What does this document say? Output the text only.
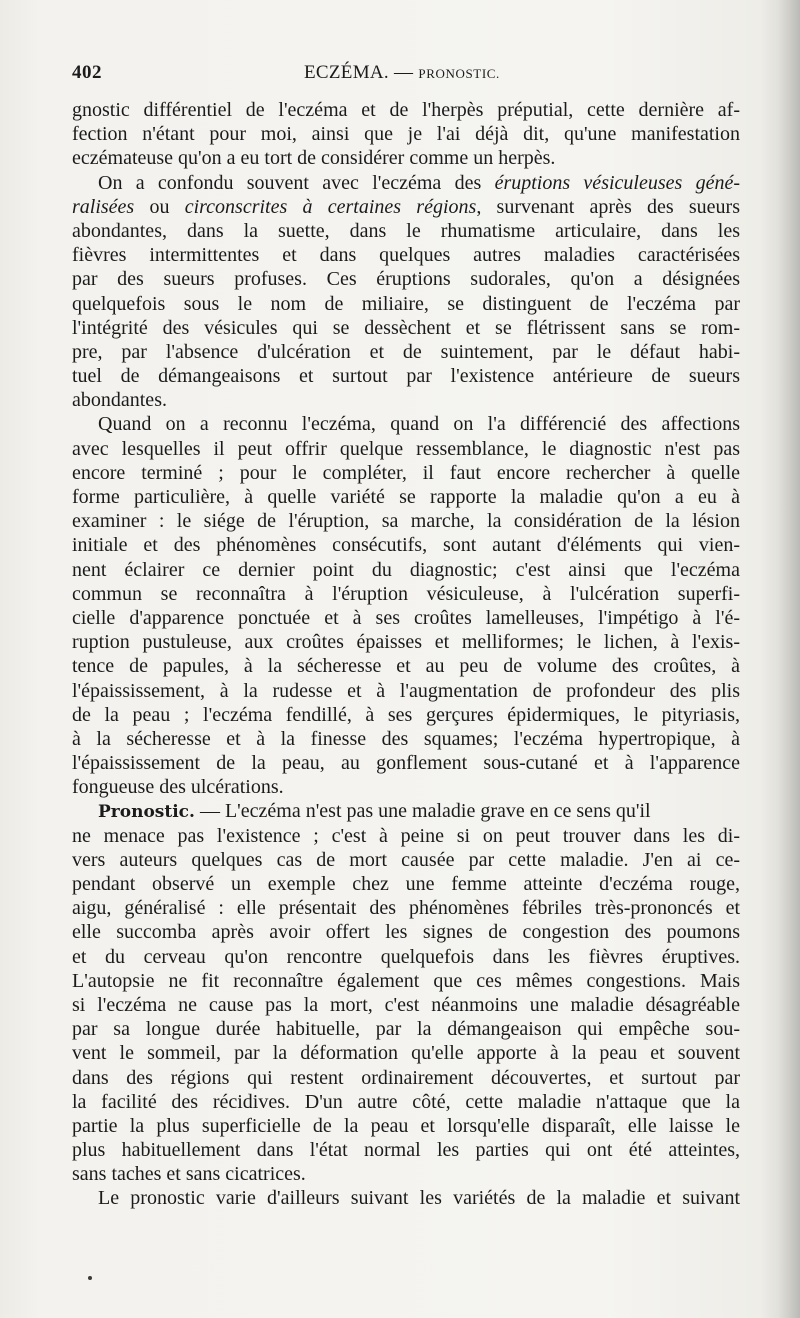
402	ECZÉMA. — PRONOSTIC.
gnostic différentiel de l'eczéma et de l'herpès préputial, cette dernière af-
fection n'étant pour moi, ainsi que je l'ai déjà dit, qu'une manifestation
eczémateuse qu'on a eu tort de considérer comme un herpès.
On a confondu souvent avec l'eczéma des éruptions vésiculeuses géné-
ralisées ou circonscrites à certaines régions, survenant après des sueurs
abondantes, dans la suette, dans le rhumatisme articulaire, dans les
fièvres intermittentes et dans quelques autres maladies caractérisées
par des sueurs profuses. Ces éruptions sudorales, qu'on a désignées
quelquefois sous le nom de miliaire, se distinguent de l'eczéma par
l'intégrité des vésicules qui se dessèchent et se flétrissent sans se rom-
pre, par l'absence d'ulcération et de suintement, par le défaut habi-
tuel de démangeaisons et surtout par l'existence antérieure de sueurs
abondantes.
Quand on a reconnu l'eczéma, quand on l'a différencié des affections
avec lesquelles il peut offrir quelque ressemblance, le diagnostic n'est pas
encore terminé ; pour le compléter, il faut encore rechercher à quelle
forme particulière, à quelle variété se rapporte la maladie qu'on a eu à
examiner : le siége de l'éruption, sa marche, la considération de la lésion
initiale et des phénomènes consécutifs, sont autant d'éléments qui vien-
nent éclairer ce dernier point du diagnostic; c'est ainsi que l'eczéma
commun se reconnaîtra à l'éruption vésiculeuse, à l'ulcération superfi-
cielle d'apparence ponctuée et à ses croûtes lamelleuses, l'impétigo à l'é-
ruption pustuleuse, aux croûtes épaisses et melliformes; le lichen, à l'exis-
tence de papules, à la sécheresse et au peu de volume des croûtes, à
l'épaississement, à la rudesse et à l'augmentation de profondeur des plis
de la peau ; l'eczéma fendillé, à ses gerçures épidermiques, le pityriasis,
à la sécheresse et à la finesse des squames; l'eczéma hypertropique, à
l'épaississement de la peau, au gonflement sous-cutané et à l'apparence
fongueuse des ulcérations.
Pronostic. — L'eczéma n'est pas une maladie grave en ce sens qu'il
ne menace pas l'existence ; c'est à peine si on peut trouver dans les di-
vers auteurs quelques cas de mort causée par cette maladie. J'en ai ce-
pendant observé un exemple chez une femme atteinte d'eczéma rouge,
aigu, généralisé : elle présentait des phénomènes fébriles très-prononcés et
elle succomba après avoir offert les signes de congestion des poumons
et du cerveau qu'on rencontre quelquefois dans les fièvres éruptives.
L'autopsie ne fit reconnaître également que ces mêmes congestions. Mais
si l'eczéma ne cause pas la mort, c'est néanmoins une maladie désagréable
par sa longue durée habituelle, par la démangeaison qui empêche sou-
vent le sommeil, par la déformation qu'elle apporte à la peau et souvent
dans des régions qui restent ordinairement découvertes, et surtout par
la facilité des récidives. D'un autre côté, cette maladie n'attaque que la
partie la plus superficielle de la peau et lorsqu'elle disparaît, elle laisse le
plus habituellement dans l'état normal les parties qui ont été atteintes,
sans taches et sans cicatrices.
Le pronostic varie d'ailleurs suivant les variétés de la maladie et suivant
